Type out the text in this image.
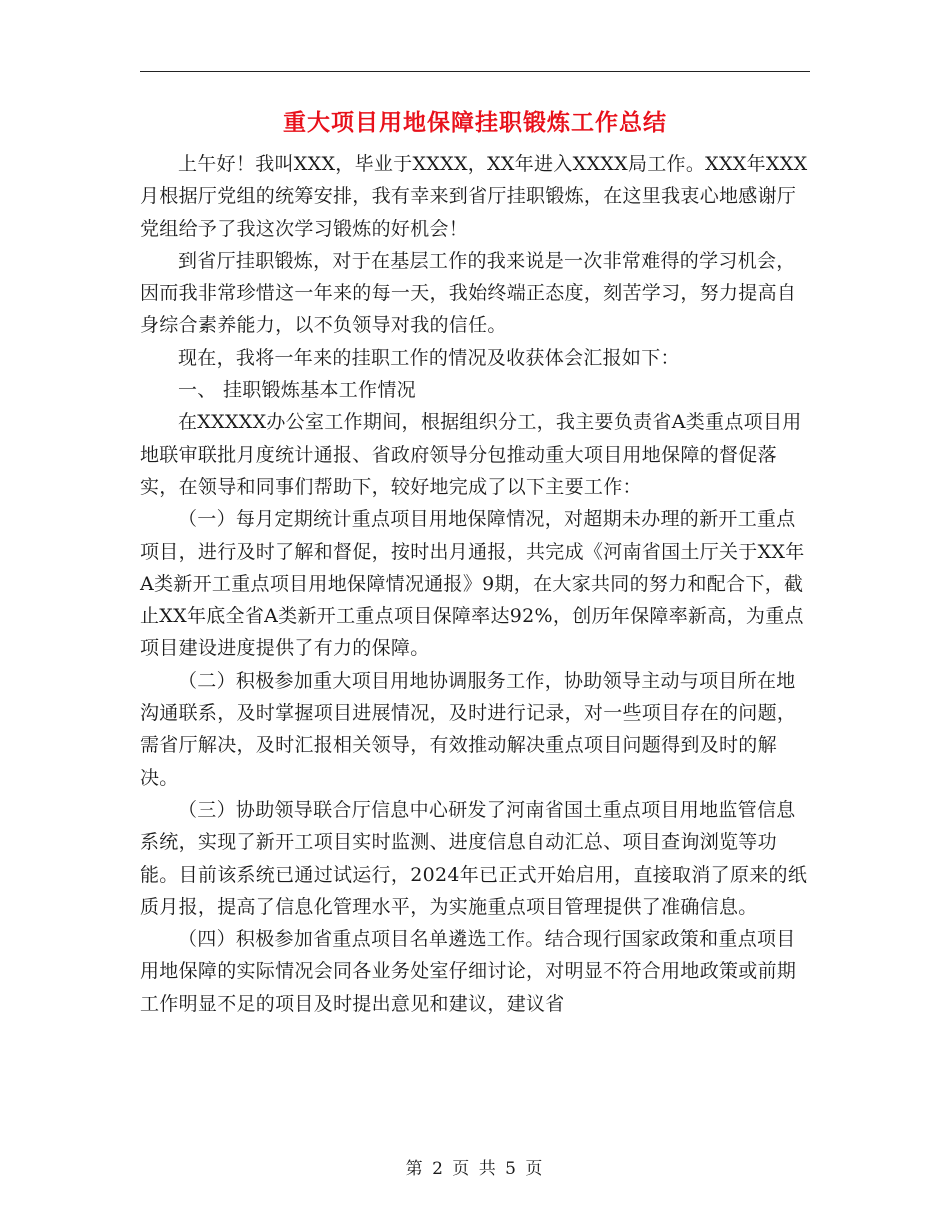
重大项目用地保障挂职锻炼工作总结

上午好！我叫XXX，毕业于XXXX，XX年进入XXXX局工作。XXX年XXX月根据厅党组的统筹安排，我有幸来到省厅挂职锻炼，在这里我衷心地感谢厅党组给予了我这次学习锻炼的好机会！

到省厅挂职锻炼，对于在基层工作的我来说是一次非常难得的学习机会，因而我非常珍惜这一年来的每一天，我始终端正态度，刻苦学习，努力提高自身综合素养能力，以不负领导对我的信任。

现在，我将一年来的挂职工作的情况及收获体会汇报如下：

一、 挂职锻炼基本工作情况

在XXXXX办公室工作期间，根据组织分工，我主要负责省A类重点项目用地联审联批月度统计通报、省政府领导分包推动重大项目用地保障的督促落实，在领导和同事们帮助下，较好地完成了以下主要工作：

（一）每月定期统计重点项目用地保障情况，对超期未办理的新开工重点项目，进行及时了解和督促，按时出月通报，共完成《河南省国土厅关于XX年A类新开工重点项目用地保障情况通报》9期，在大家共同的努力和配合下，截止XX年底全省A类新开工重点项目保障率达92%，创历年保障率新高，为重点项目建设进度提供了有力的保障。

（二）积极参加重大项目用地协调服务工作，协助领导主动与项目所在地沟通联系，及时掌握项目进展情况，及时进行记录，对一些项目存在的问题，需省厅解决，及时汇报相关领导，有效推动解决重点项目问题得到及时的解决。

（三）协助领导联合厅信息中心研发了河南省国土重点项目用地监管信息系统，实现了新开工项目实时监测、进度信息自动汇总、项目查询浏览等功能。目前该系统已通过试运行，2024年已正式开始启用，直接取消了原来的纸质月报，提高了信息化管理水平，为实施重点项目管理提供了准确信息。

（四）积极参加省重点项目名单遴选工作。结合现行国家政策和重点项目用地保障的实际情况会同各业务处室仔细讨论，对明显不符合用地政策或前期工作明显不足的项目及时提出意见和建议，建议省

第 2 页 共 5 页
